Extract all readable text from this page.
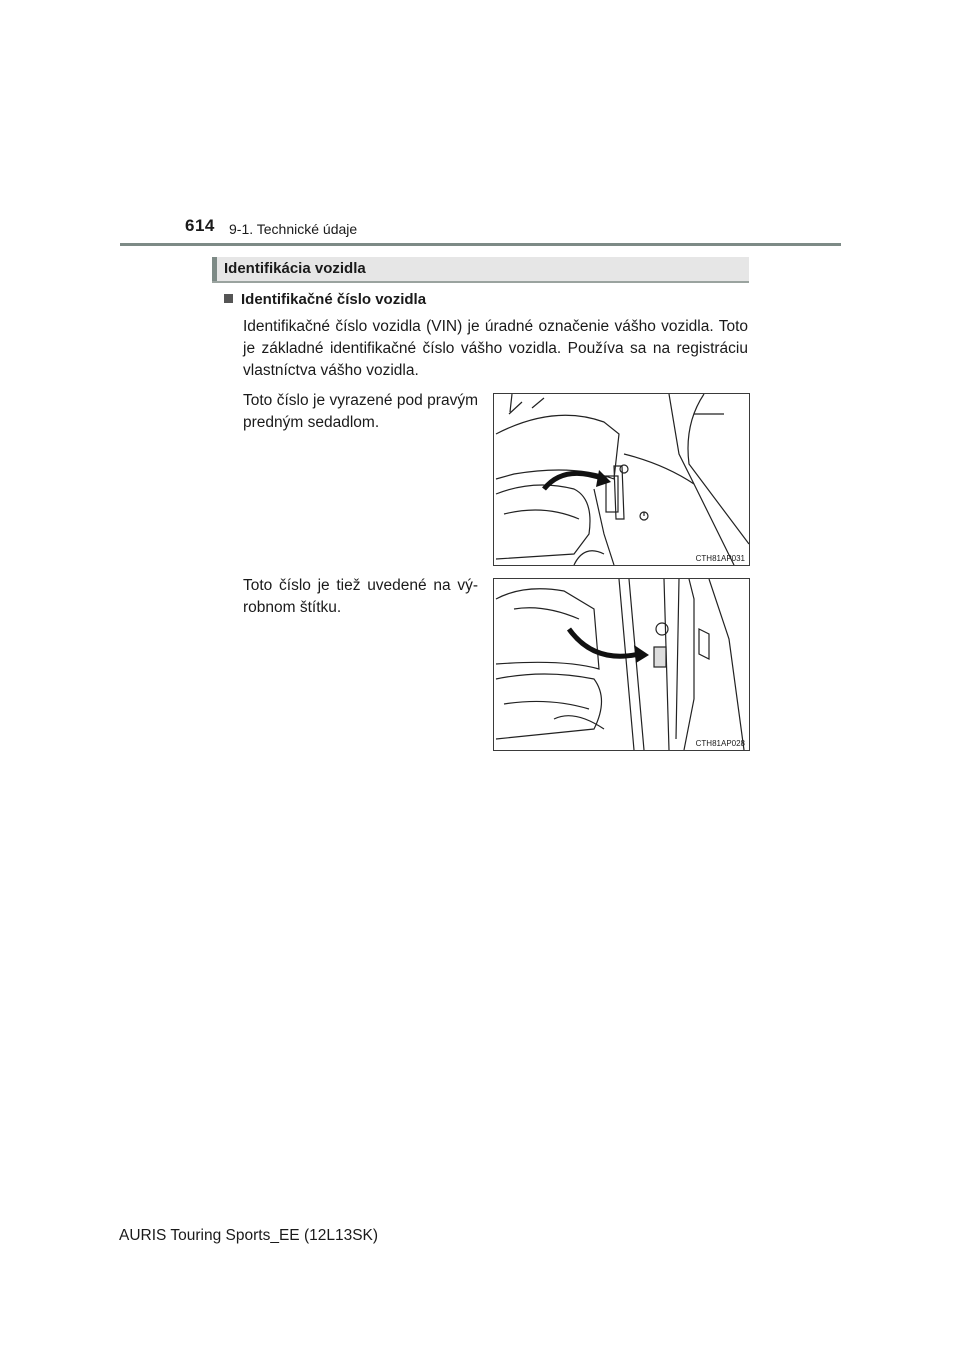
614 9-1. Technické údaje
Identifikácia vozidla
Identifikačné číslo vozidla
Identifikačné číslo vozidla (VIN) je úradné označenie vášho vozidla. Toto je základné identifikačné číslo vášho vozidla. Používa sa na registráciu vlastníctva vášho vozidla.
Toto číslo je vyrazené pod pravým predným sedadlom.
CTH81AP031
Toto číslo je tiež uvedené na výrobnom štítku.
CTH81AP028
AURIS Touring Sports_EE (12L13SK)
